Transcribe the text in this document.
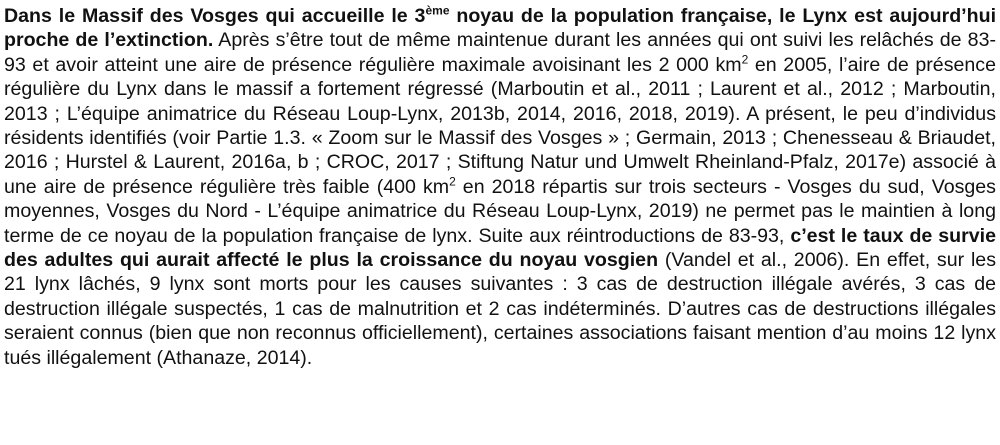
Dans le Massif des Vosges qui accueille le 3ème noyau de la population française, le Lynx est aujourd’hui proche de l’extinction. Après s’être tout de même maintenue durant les années qui ont suivi les relâchés de 83-93 et avoir atteint une aire de présence régulière maximale avoisinant les 2 000 $km^2$ en 2005, l’aire de présence régulière du Lynx dans le massif a fortement régressé (Marboutin et al., 2011 ; Laurent et al., 2012 ; Marboutin, 2013 ; L’équipe animatrice du Réseau Loup-Lynx, 2013b, 2014, 2016, 2018, 2019). A présent, le peu d’individus résidents identifiés (voir Partie 1.3. « Zoom sur le Massif des Vosges » ; Germain, 2013 ; Chenesseau & Briaudet, 2016 ; Hurstel & Laurent, 2016a, b ; CROC, 2017 ; Stiftung Natur und Umwelt Rheinland-Pfalz, 2017e) associé à une aire de présence régulière très faible (400 $km^2$ en 2018 répartis sur trois secteurs - Vosges du sud, Vosges moyennes, Vosges du Nord - L’équipe animatrice du Réseau Loup-Lynx, 2019) ne permet pas le maintien à long terme de ce noyau de la population française de lynx. Suite aux réintroductions de 83-93, c’est le taux de survie des adultes qui aurait affecté le plus la croissance du noyau vosgien (Vandel et al., 2006). En effet, sur les 21 lynx lâchés, 9 lynx sont morts pour les causes suivantes : 3 cas de destruction illégale avérés, 3 cas de destruction illégale suspectés, 1 cas de malnutrition et 2 cas indéterminés. D’autres cas de destructions illégales seraient connus (bien que non reconnus officiellement), certaines associations faisant mention d’au moins 12 lynx tués illégalement (Athanaze, 2014).
